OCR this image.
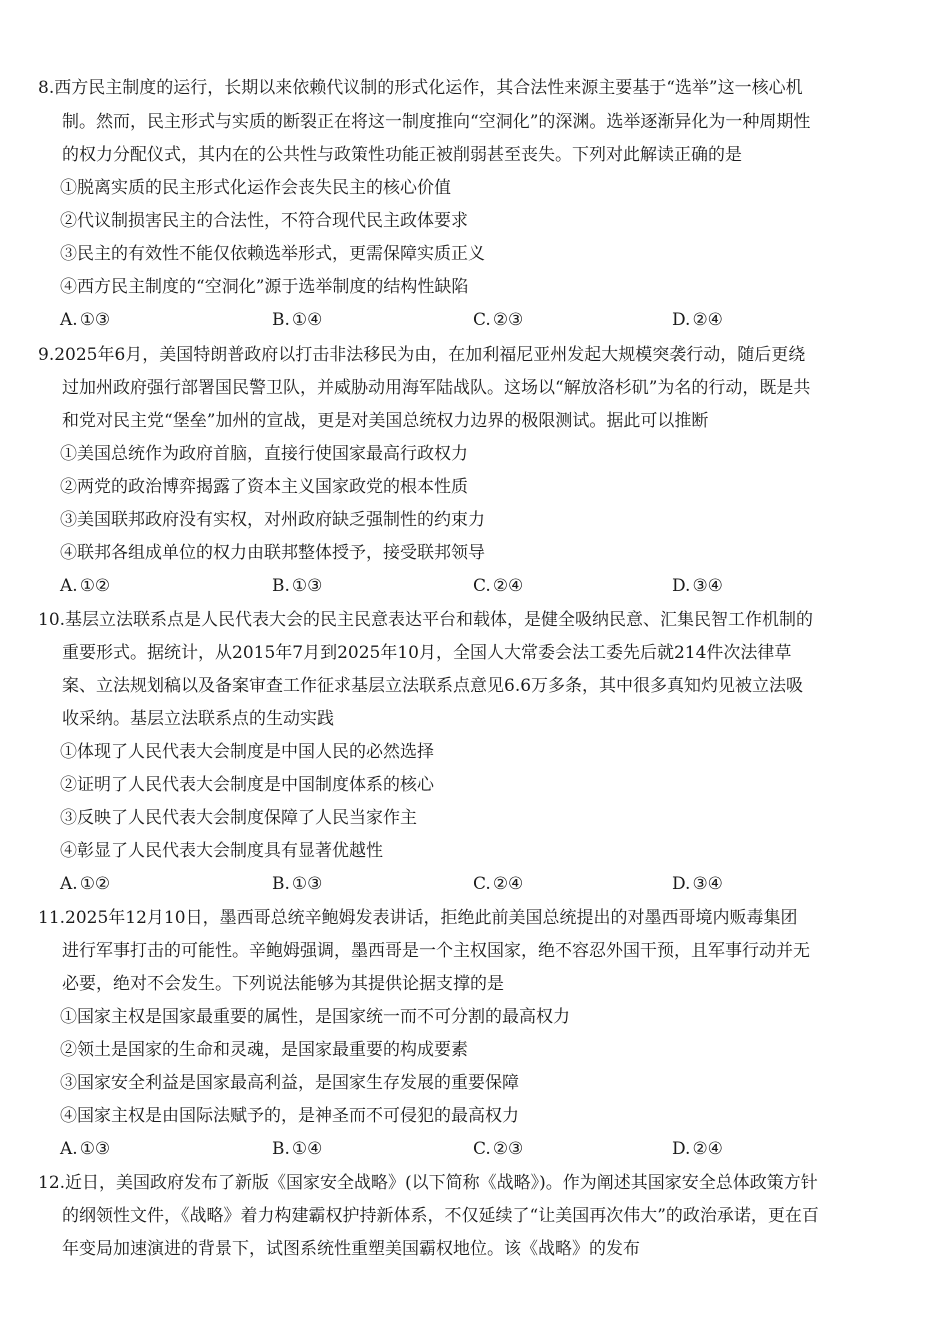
8.西方民主制度的运行，长期以来依赖代议制的形式化运作，其合法性来源主要基于“选举”这一核心机
制。然而，民主形式与实质的断裂正在将这一制度推向“空洞化”的深渊。选举逐渐异化为一种周期性
的权力分配仪式，其内在的公共性与政策性功能正被削弱甚至丧失。下列对此解读正确的是
①脱离实质的民主形式化运作会丧失民主的核心价值
②代议制损害民主的合法性，不符合现代民主政体要求
③民主的有效性不能仅依赖选举形式，更需保障实质正义
④西方民主制度的“空洞化”源于选举制度的结构性缺陷
A. ①③	B. ①④	C. ②③	D. ②④
9.2025年6月，美国特朗普政府以打击非法移民为由，在加利福尼亚州发起大规模突袭行动，随后更绕
过加州政府强行部署国民警卫队，并威胁动用海军陆战队。这场以“解放洛杉矶”为名的行动，既是共
和党对民主党“堡垒”加州的宣战，更是对美国总统权力边界的极限测试。据此可以推断
①美国总统作为政府首脑，直接行使国家最高行政权力
②两党的政治博弈揭露了资本主义国家政党的根本性质
③美国联邦政府没有实权，对州政府缺乏强制性的约束力
④联邦各组成单位的权力由联邦整体授予，接受联邦领导
A. ①②	B. ①③	C. ②④	D. ③④
10.基层立法联系点是人民代表大会的民主民意表达平台和载体，是健全吸纳民意、汇集民智工作机制的
重要形式。据统计，从2015年7月到2025年10月，全国人大常委会法工委先后就214件次法律草
案、立法规划稿以及备案审查工作征求基层立法联系点意见6.6万多条，其中很多真知灼见被立法吸
收采纳。基层立法联系点的生动实践
①体现了人民代表大会制度是中国人民的必然选择
②证明了人民代表大会制度是中国制度体系的核心
③反映了人民代表大会制度保障了人民当家作主
④彰显了人民代表大会制度具有显著优越性
A. ①②	B. ①③	C. ②④	D. ③④
11.2025年12月10日，墨西哥总统辛鲍姆发表讲话，拒绝此前美国总统提出的对墨西哥境内贩毒集团
进行军事打击的可能性。辛鲍姆强调，墨西哥是一个主权国家，绝不容忍外国干预，且军事行动并无
必要，绝对不会发生。下列说法能够为其提供论据支撑的是
①国家主权是国家最重要的属性，是国家统一而不可分割的最高权力
②领土是国家的生命和灵魂，是国家最重要的构成要素
③国家安全利益是国家最高利益，是国家生存发展的重要保障
④国家主权是由国际法赋予的，是神圣而不可侵犯的最高权力
A. ①③	B. ①④	C. ②③	D. ②④
12.近日，美国政府发布了新版《国家安全战略》(以下简称《战略》)。作为阐述其国家安全总体政策方针
的纲领性文件，《战略》着力构建霸权护持新体系，不仅延续了“让美国再次伟大”的政治承诺，更在百
年变局加速演进的背景下，试图系统性重塑美国霸权地位。该《战略》的发布
